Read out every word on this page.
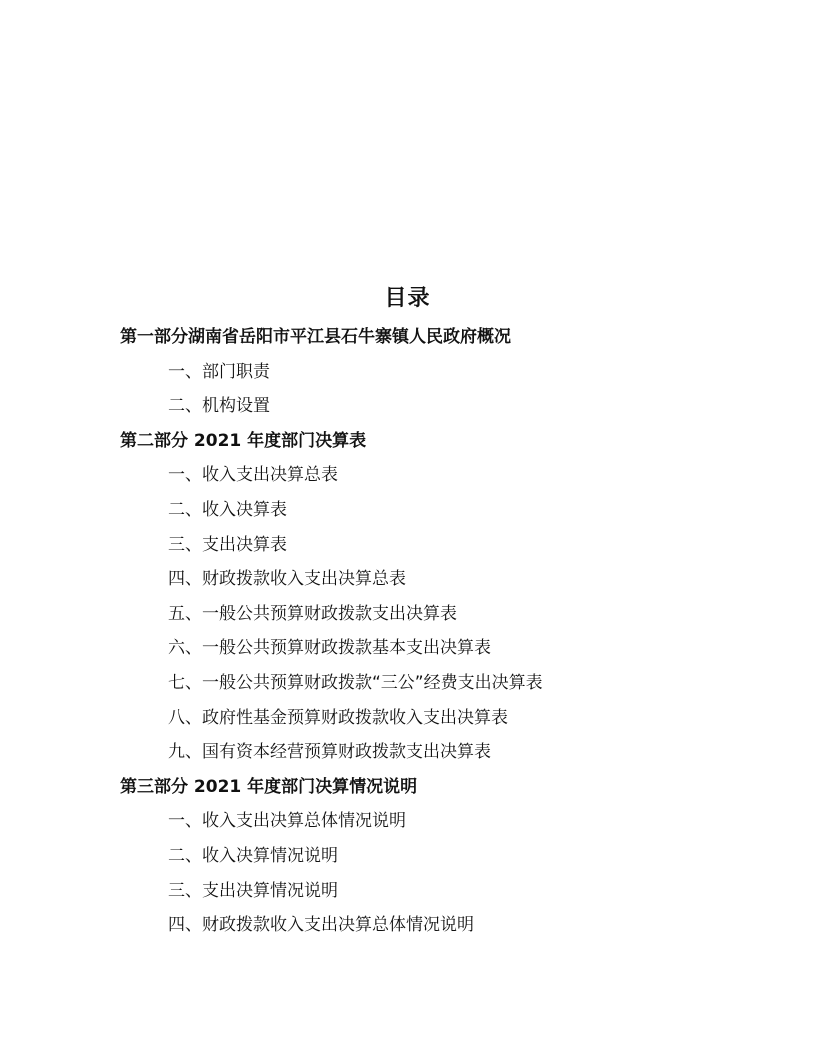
目录
第一部分湖南省岳阳市平江县石牛寨镇人民政府概况
一、部门职责
二、机构设置
第二部分 2021 年度部门决算表
一、收入支出决算总表
二、收入决算表
三、支出决算表
四、财政拨款收入支出决算总表
五、一般公共预算财政拨款支出决算表
六、一般公共预算财政拨款基本支出决算表
七、一般公共预算财政拨款“三公”经费支出决算表
八、政府性基金预算财政拨款收入支出决算表
九、国有资本经营预算财政拨款支出决算表
第三部分 2021 年度部门决算情况说明
一、收入支出决算总体情况说明
二、收入决算情况说明
三、支出决算情况说明
四、财政拨款收入支出决算总体情况说明
